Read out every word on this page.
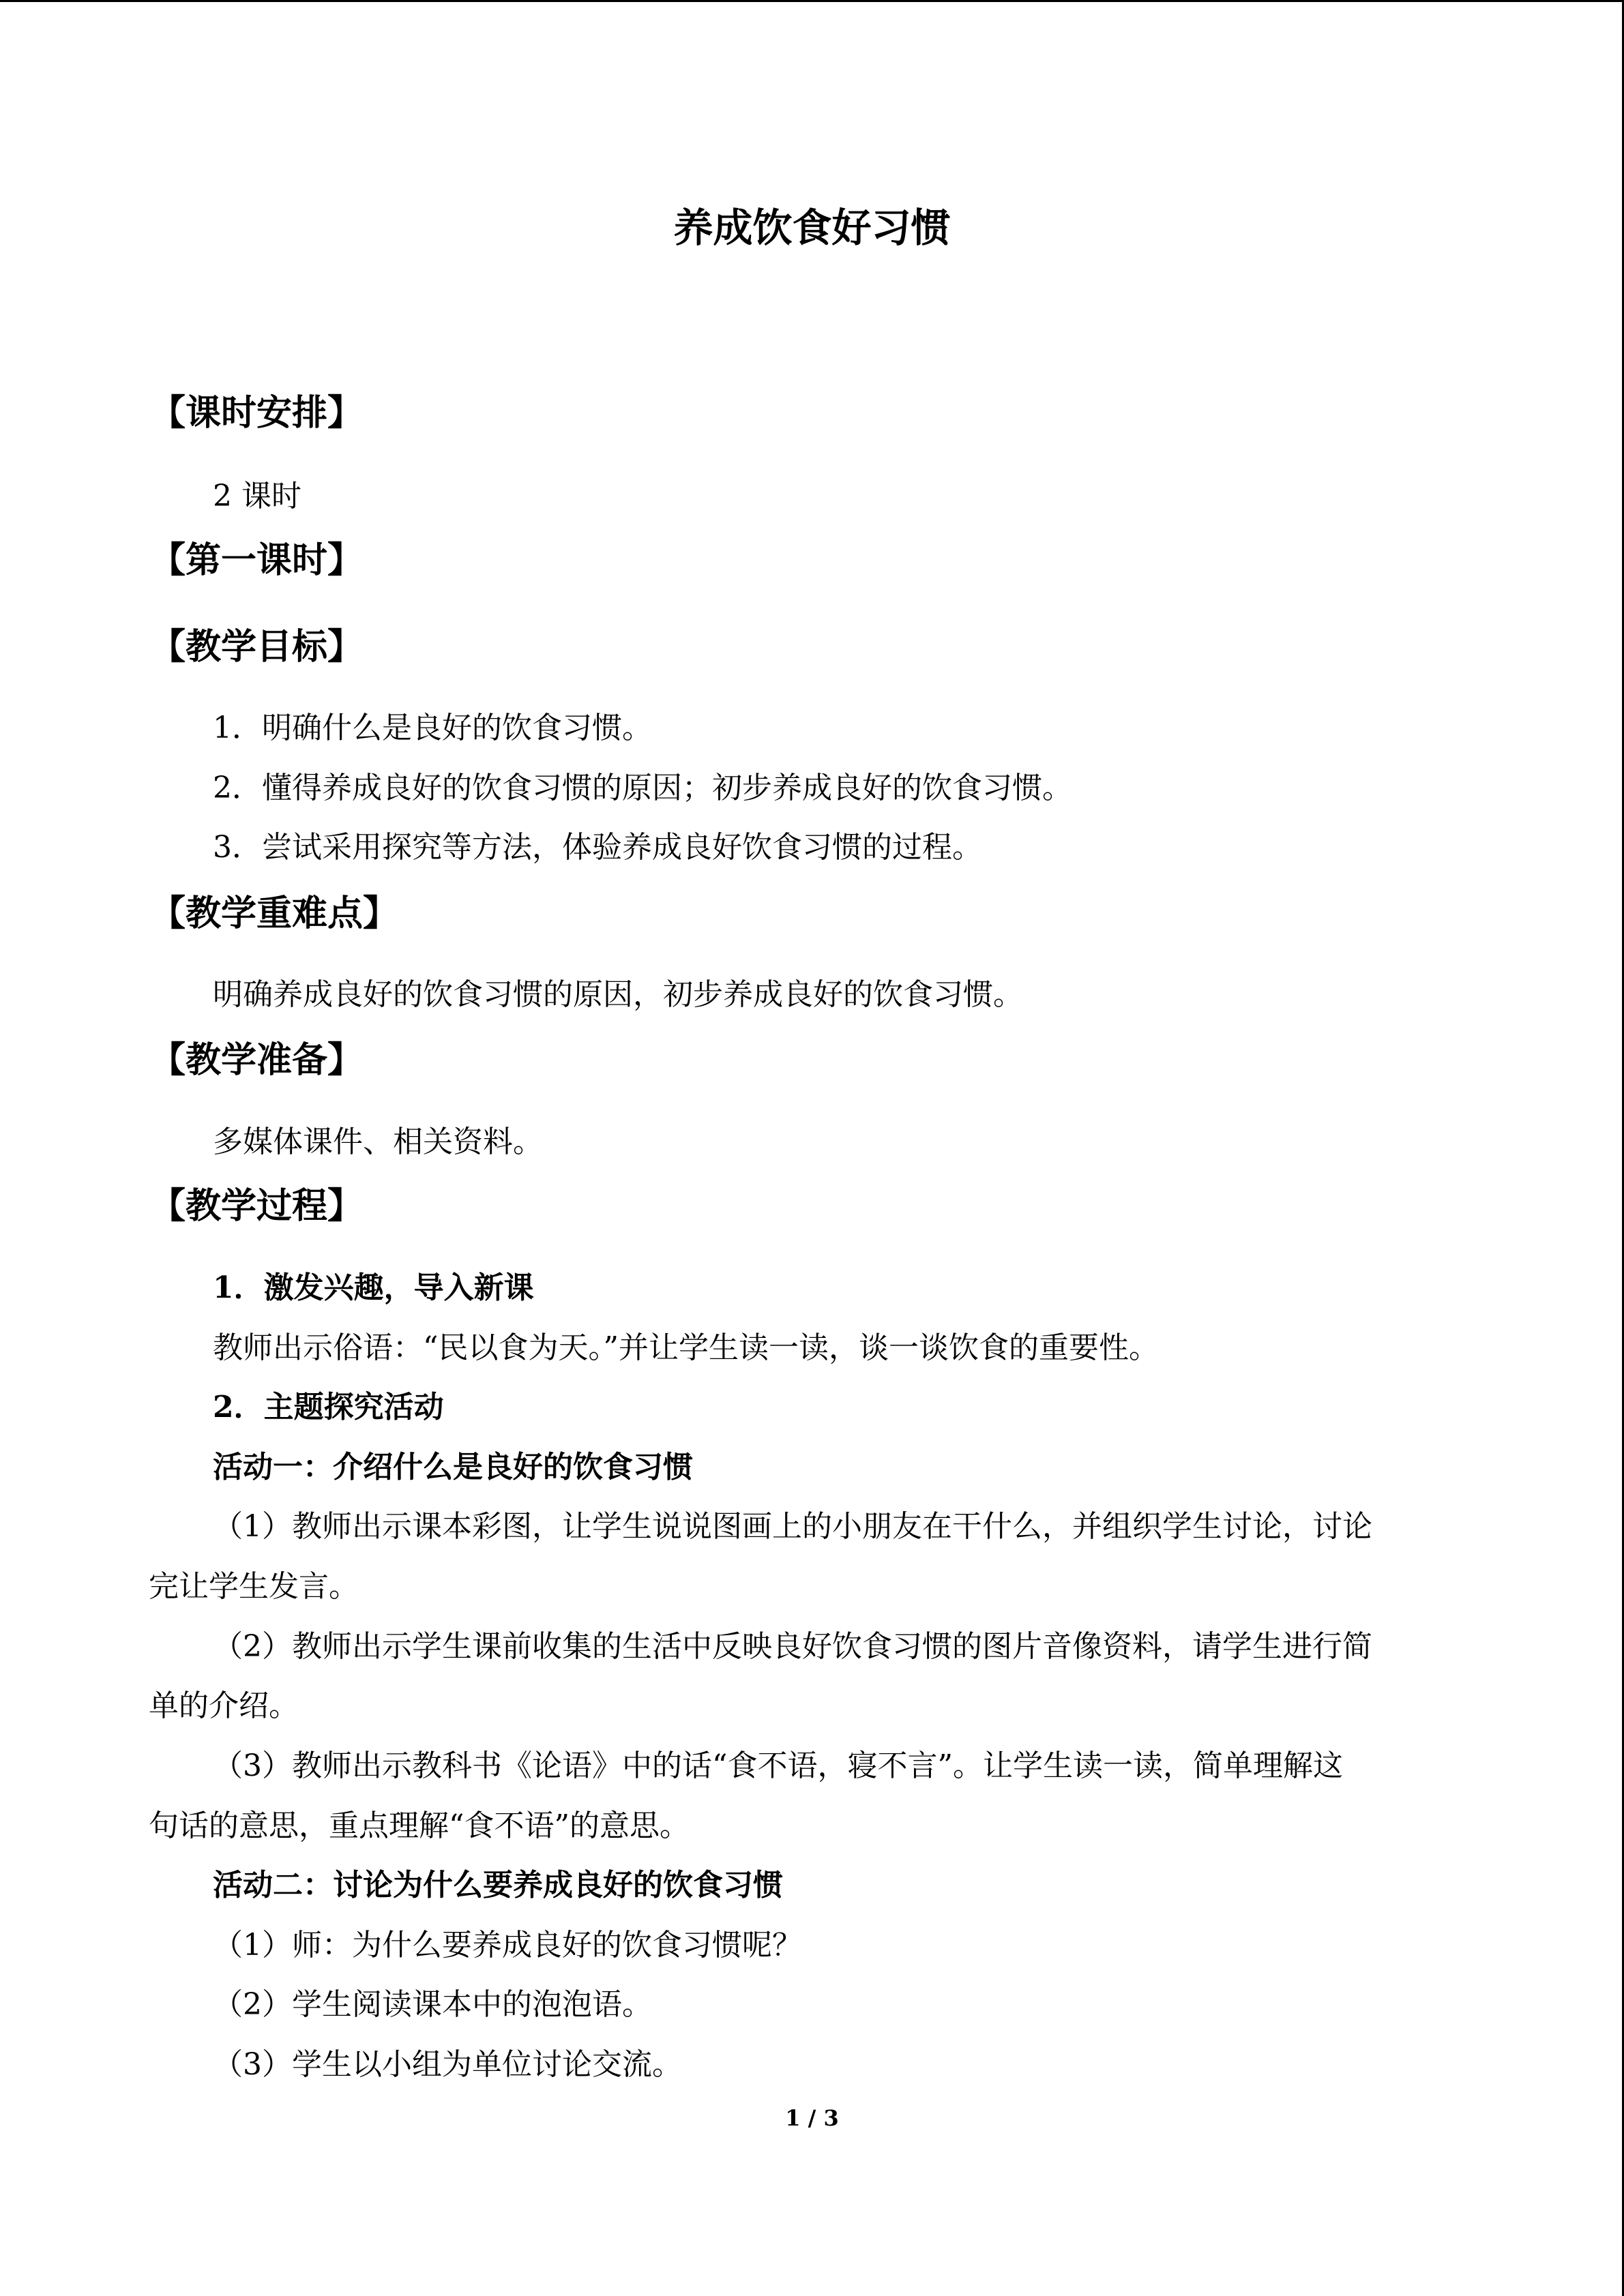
养成饮食好习惯
【课时安排】
2 课时
【第一课时】
【教学目标】
1．明确什么是良好的饮食习惯。
2．懂得养成良好的饮食习惯的原因；初步养成良好的饮食习惯。
3．尝试采用探究等方法，体验养成良好饮食习惯的过程。
【教学重难点】
明确养成良好的饮食习惯的原因，初步养成良好的饮食习惯。
【教学准备】
多媒体课件、相关资料。
【教学过程】
1．激发兴趣，导入新课
教师出示俗语：“民以食为天。”并让学生读一读，谈一谈饮食的重要性。
2．主题探究活动
活动一：介绍什么是良好的饮食习惯
（1）教师出示课本彩图，让学生说说图画上的小朋友在干什么，并组织学生讨论，讨论
完让学生发言。
（2）教师出示学生课前收集的生活中反映良好饮食习惯的图片音像资料，请学生进行简
单的介绍。
（3）教师出示教科书《论语》中的话“食不语，寝不言”。让学生读一读，简单理解这
句话的意思，重点理解“食不语”的意思。
活动二：讨论为什么要养成良好的饮食习惯
（1）师：为什么要养成良好的饮食习惯呢？
（2）学生阅读课本中的泡泡语。
（3）学生以小组为单位讨论交流。
1 / 3
